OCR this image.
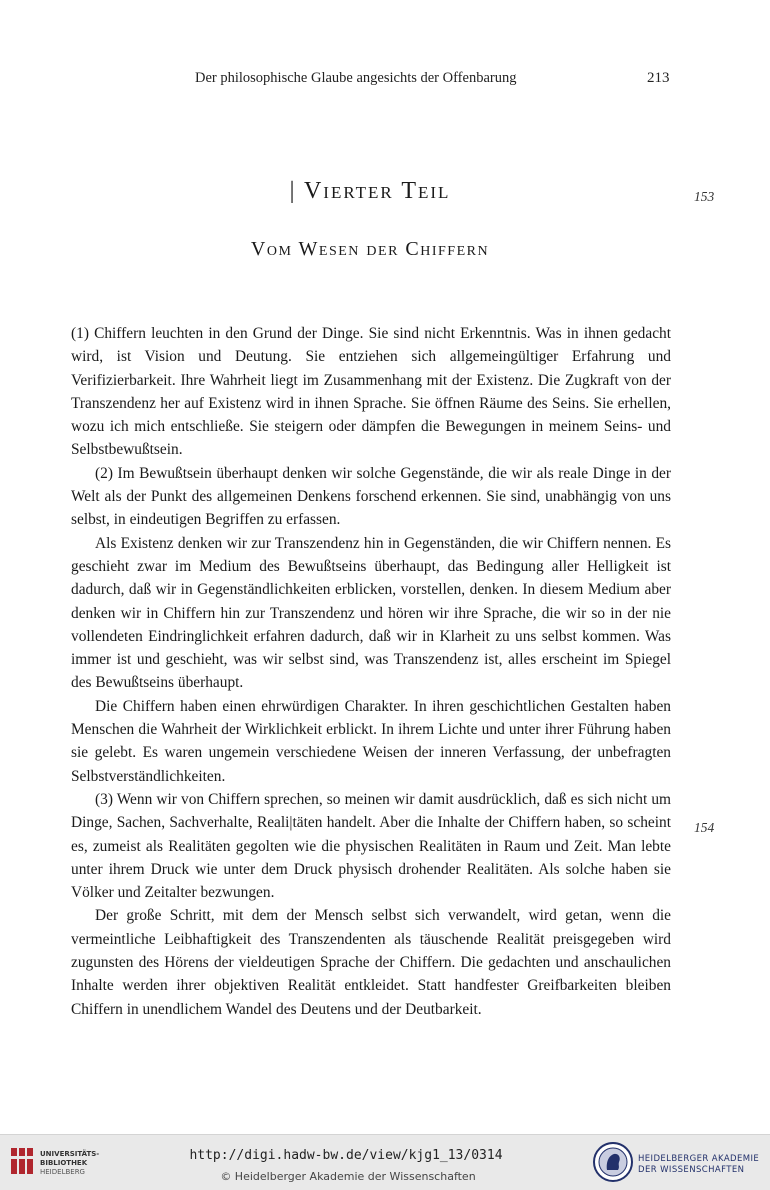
Der philosophische Glaube angesichts der Offenbarung	213
| Vierter Teil	153
Vom Wesen der Chiffern

(1) Chiffern leuchten in den Grund der Dinge. Sie sind nicht Erkenntnis. Was in ihnen gedacht wird, ist Vision und Deutung. Sie entziehen sich allgemeingültiger Erfahrung und Verifizierbarkeit. Ihre Wahrheit liegt im Zusammenhang mit der Existenz. Die Zugkraft von der Transzendenz her auf Existenz wird in ihnen Sprache. Sie öffnen Räume des Seins. Sie erhellen, wozu ich mich entschließe. Sie steigern oder dämpfen die Bewegungen in meinem Seins- und Selbstbewußtsein.

(2) Im Bewußtsein überhaupt denken wir solche Gegenstände, die wir als reale Dinge in der Welt als der Punkt des allgemeinen Denkens forschend erkennen. Sie sind, unabhängig von uns selbst, in eindeutigen Begriffen zu erfassen.

Als Existenz denken wir zur Transzendenz hin in Gegenständen, die wir Chiffern nennen. Es geschieht zwar im Medium des Bewußtseins überhaupt, das Bedingung aller Helligkeit ist dadurch, daß wir in Gegenständlichkeiten erblicken, vorstellen, denken. In diesem Medium aber denken wir in Chiffern hin zur Transzendenz und hören wir ihre Sprache, die wir so in der nie vollendeten Eindringlichkeit erfahren dadurch, daß wir in Klarheit zu uns selbst kommen. Was immer ist und geschieht, was wir selbst sind, was Transzendenz ist, alles erscheint im Spiegel des Bewußtseins überhaupt.

Die Chiffern haben einen ehrwürdigen Charakter. In ihren geschichtlichen Gestalten haben Menschen die Wahrheit der Wirklichkeit erblickt. In ihrem Lichte und unter ihrer Führung haben sie gelebt. Es waren ungemein verschiedene Weisen der inneren Verfassung, der unbefragten Selbstverständlichkeiten.

(3) Wenn wir von Chiffern sprechen, so meinen wir damit ausdrücklich, daß es sich nicht um Dinge, Sachen, Sachverhalte, Reali|täten handelt. Aber die Inhalte der Chiffern haben, so scheint es, zumeist als Realitäten gegolten wie die physischen Realitäten in Raum und Zeit. Man lebte unter ihrem Druck wie unter dem Druck physisch drohender Realitäten. Als solche haben sie Völker und Zeitalter bezwungen.

Der große Schritt, mit dem der Mensch selbst sich verwandelt, wird getan, wenn die vermeintliche Leibhaftigkeit des Transzendenten als täuschende Realität preisgegeben wird zugunsten des Hörens der vieldeutigen Sprache der Chiffern. Die gedachten und anschaulichen Inhalte werden ihrer objektiven Realität entkleidet. Statt handfester Greifbarkeiten bleiben Chiffern in unendlichem Wandel des Deutens und der Deutbarkeit.

154
UNIVERSITÄTS-
BIBLIOTHEK
HEIDELBERG
http://digi.hadw-bw.de/view/kjg1_13/0314
© Heidelberger Akademie der Wissenschaften
HEIDELBERGER AKADEMIE
DER WISSENSCHAFTEN
